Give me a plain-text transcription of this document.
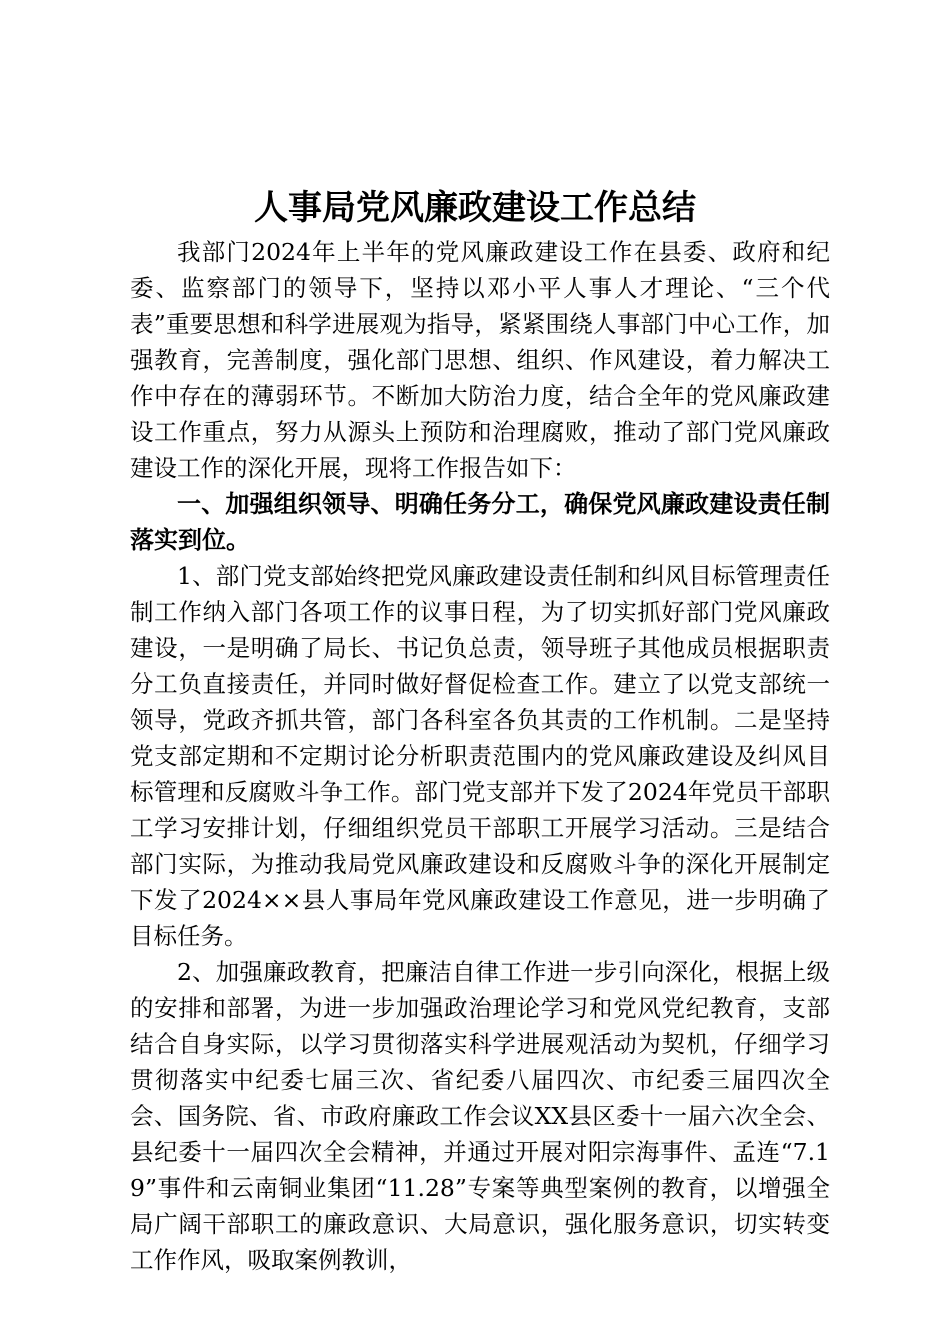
人事局党风廉政建设工作总结

我部门2024年上半年的党风廉政建设工作在县委、政府和纪委、监察部门的领导下，坚持以邓小平人事人才理论、“三个代表”重要思想和科学进展观为指导，紧紧围绕人事部门中心工作，加强教育，完善制度，强化部门思想、组织、作风建设，着力解决工作中存在的薄弱环节。不断加大防治力度，结合全年的党风廉政建设工作重点，努力从源头上预防和治理腐败，推动了部门党风廉政建设工作的深化开展，现将工作报告如下：

一、加强组织领导、明确任务分工，确保党风廉政建设责任制落实到位。

1、部门党支部始终把党风廉政建设责任制和纠风目标管理责任制工作纳入部门各项工作的议事日程，为了切实抓好部门党风廉政建设，一是明确了局长、书记负总责，领导班子其他成员根据职责分工负直接责任，并同时做好督促检查工作。建立了以党支部统一领导，党政齐抓共管，部门各科室各负其责的工作机制。二是坚持党支部定期和不定期讨论分析职责范围内的党风廉政建设及纠风目标管理和反腐败斗争工作。部门党支部并下发了2024年党员干部职工学习安排计划，仔细组织党员干部职工开展学习活动。三是结合部门实际，为推动我局党风廉政建设和反腐败斗争的深化开展制定下发了2024××县人事局年党风廉政建设工作意见，进一步明确了目标任务。

2、加强廉政教育，把廉洁自律工作进一步引向深化，根据上级的安排和部署，为进一步加强政治理论学习和党风党纪教育，支部结合自身实际，以学习贯彻落实科学进展观活动为契机，仔细学习贯彻落实中纪委七届三次、省纪委八届四次、市纪委三届四次全会、国务院、省、市政府廉政工作会议XX县区委十一届六次全会、县纪委十一届四次全会精神，并通过开展对阳宗海事件、孟连“7.19”事件和云南铜业集团“11.28”专案等典型案例的教育，以增强全局广阔干部职工的廉政意识、大局意识，强化服务意识，切实转变工作作风，吸取案例教训，
